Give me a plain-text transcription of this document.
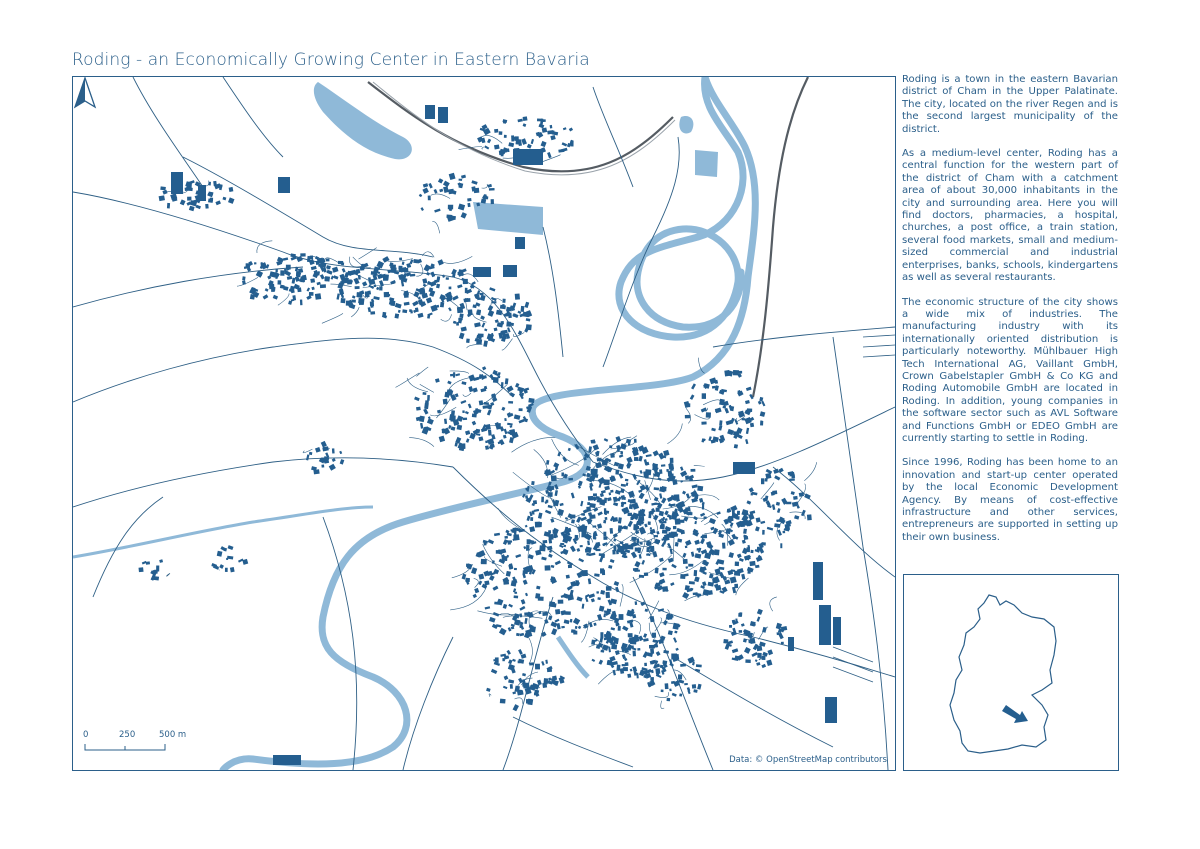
Roding - an Economically Growing Center in Eastern Bavaria
0	250	500 m
Data: © OpenStreetMap contributors

Roding is a town in the eastern Bavarian district of Cham in the Upper Palatinate. The city, located on the river Regen and is the second largest municipality of the district.

As a medium-level center, Roding has a central function for the western part of the district of Cham with a catchment area of about 30,000 inhabitants in the city and surrounding area. Here you will find doctors, pharmacies, a hospital, churches, a post office, a train station, several food markets, small and medium-sized commercial and industrial enterprises, banks, schools, kindergartens as well as several restaurants.

The economic structure of the city shows a wide mix of industries. The manufacturing industry with its internationally oriented distribution is particularly noteworthy. Mühlbauer High Tech International AG, Vaillant GmbH, Crown Gabelstapler GmbH & Co KG and Roding Automobile GmbH are located in Roding. In addition, young companies in the software sector such as AVL Software and Functions GmbH or EDEO GmbH are currently starting to settle in Roding.

Since 1996, Roding has been home to an innovation and start-up center operated by the local Economic Development Agency. By means of cost-effective infrastructure and other services, entrepreneurs are supported in setting up their own business.
